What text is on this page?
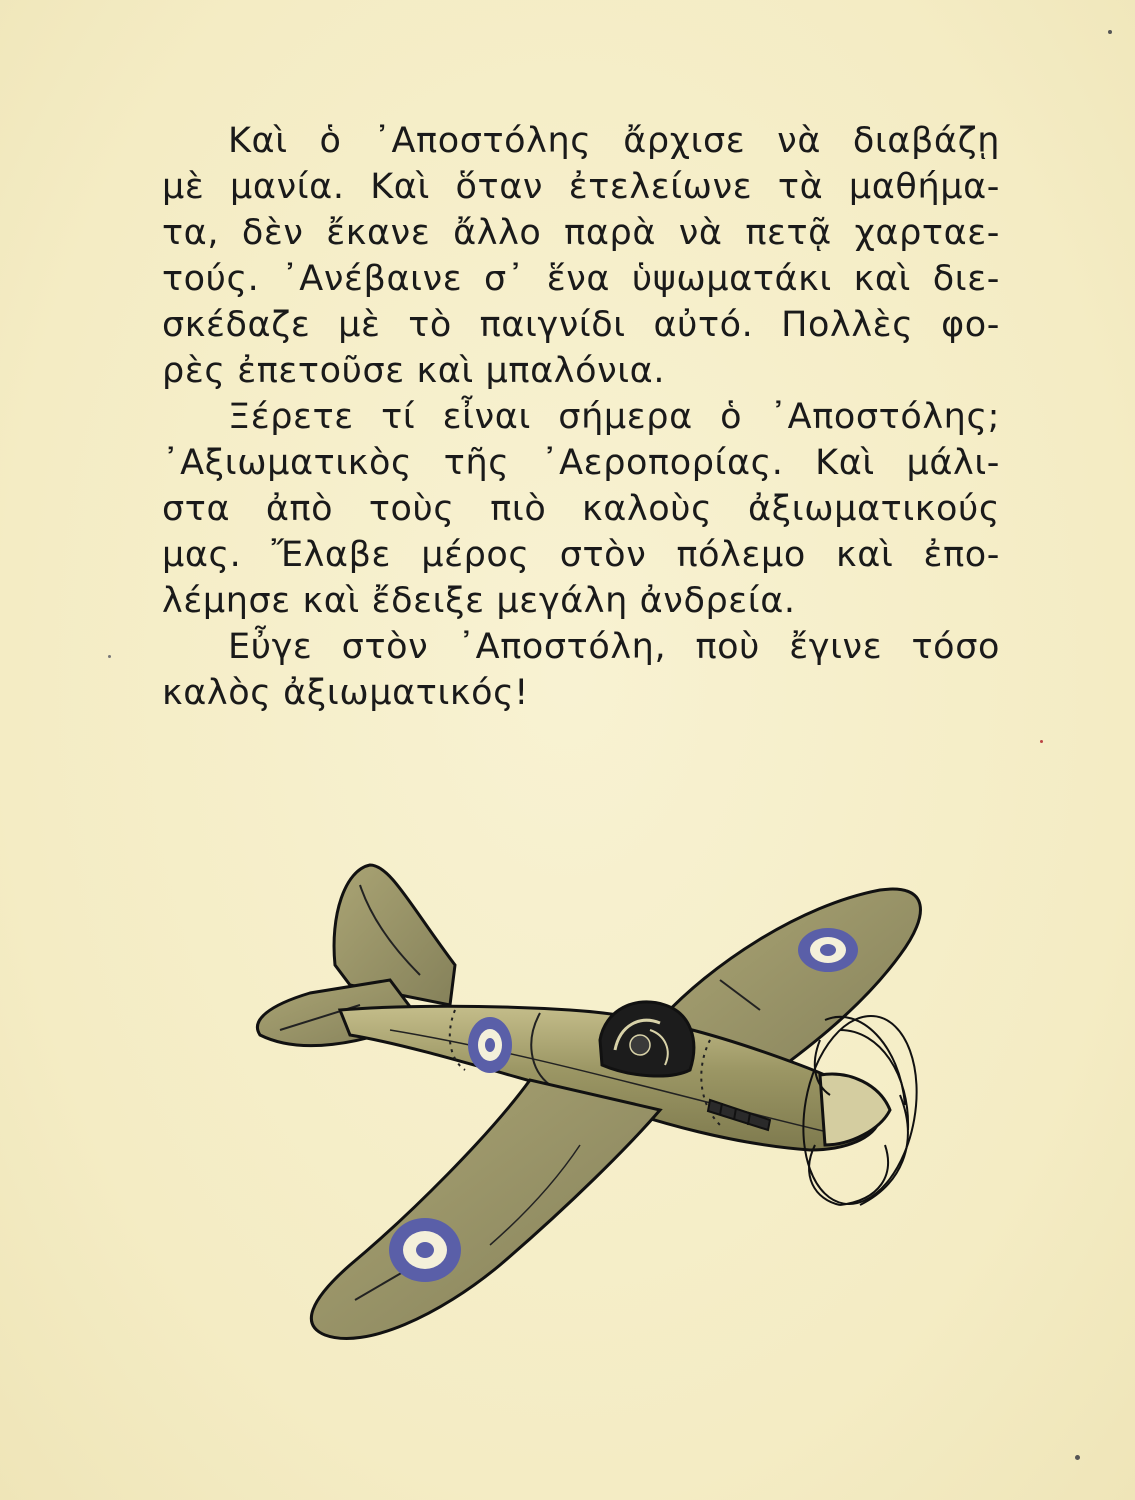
Καὶ ὁ ᾿Αποστόλης ἄρχισε νὰ διαβάζῃ
μὲ μανία. Καὶ ὅταν ἐτελείωνε τὰ μαθήμα-
τα, δὲν ἔκανε ἄλλο παρὰ νὰ πετᾷ χαρταε-
τούς. ᾿Ανέβαινε σ᾿ ἕνα ὑψωματάκι καὶ διε-
σκέδαζε μὲ τὸ παιγνίδι αὐτό. Πολλὲς φο-
ρὲς ἐπετοῦσε καὶ μπαλόνια.
Ξέρετε τί εἶναι σήμερα ὁ ᾿Αποστόλης;
᾿Αξιωματικὸς τῆς ᾿Αεροπορίας. Καὶ μάλι-
στα ἀπὸ τοὺς πιὸ καλοὺς ἀξιωματικούς
μας. Ἔλαβε μέρος στὸν πόλεμο καὶ ἐπο-
λέμησε καὶ ἔδειξε μεγάλη ἀνδρεία.
Εὖγε στὸν ᾿Αποστόλη, ποὺ ἔγινε τόσο
καλὸς ἀξιωματικός!
